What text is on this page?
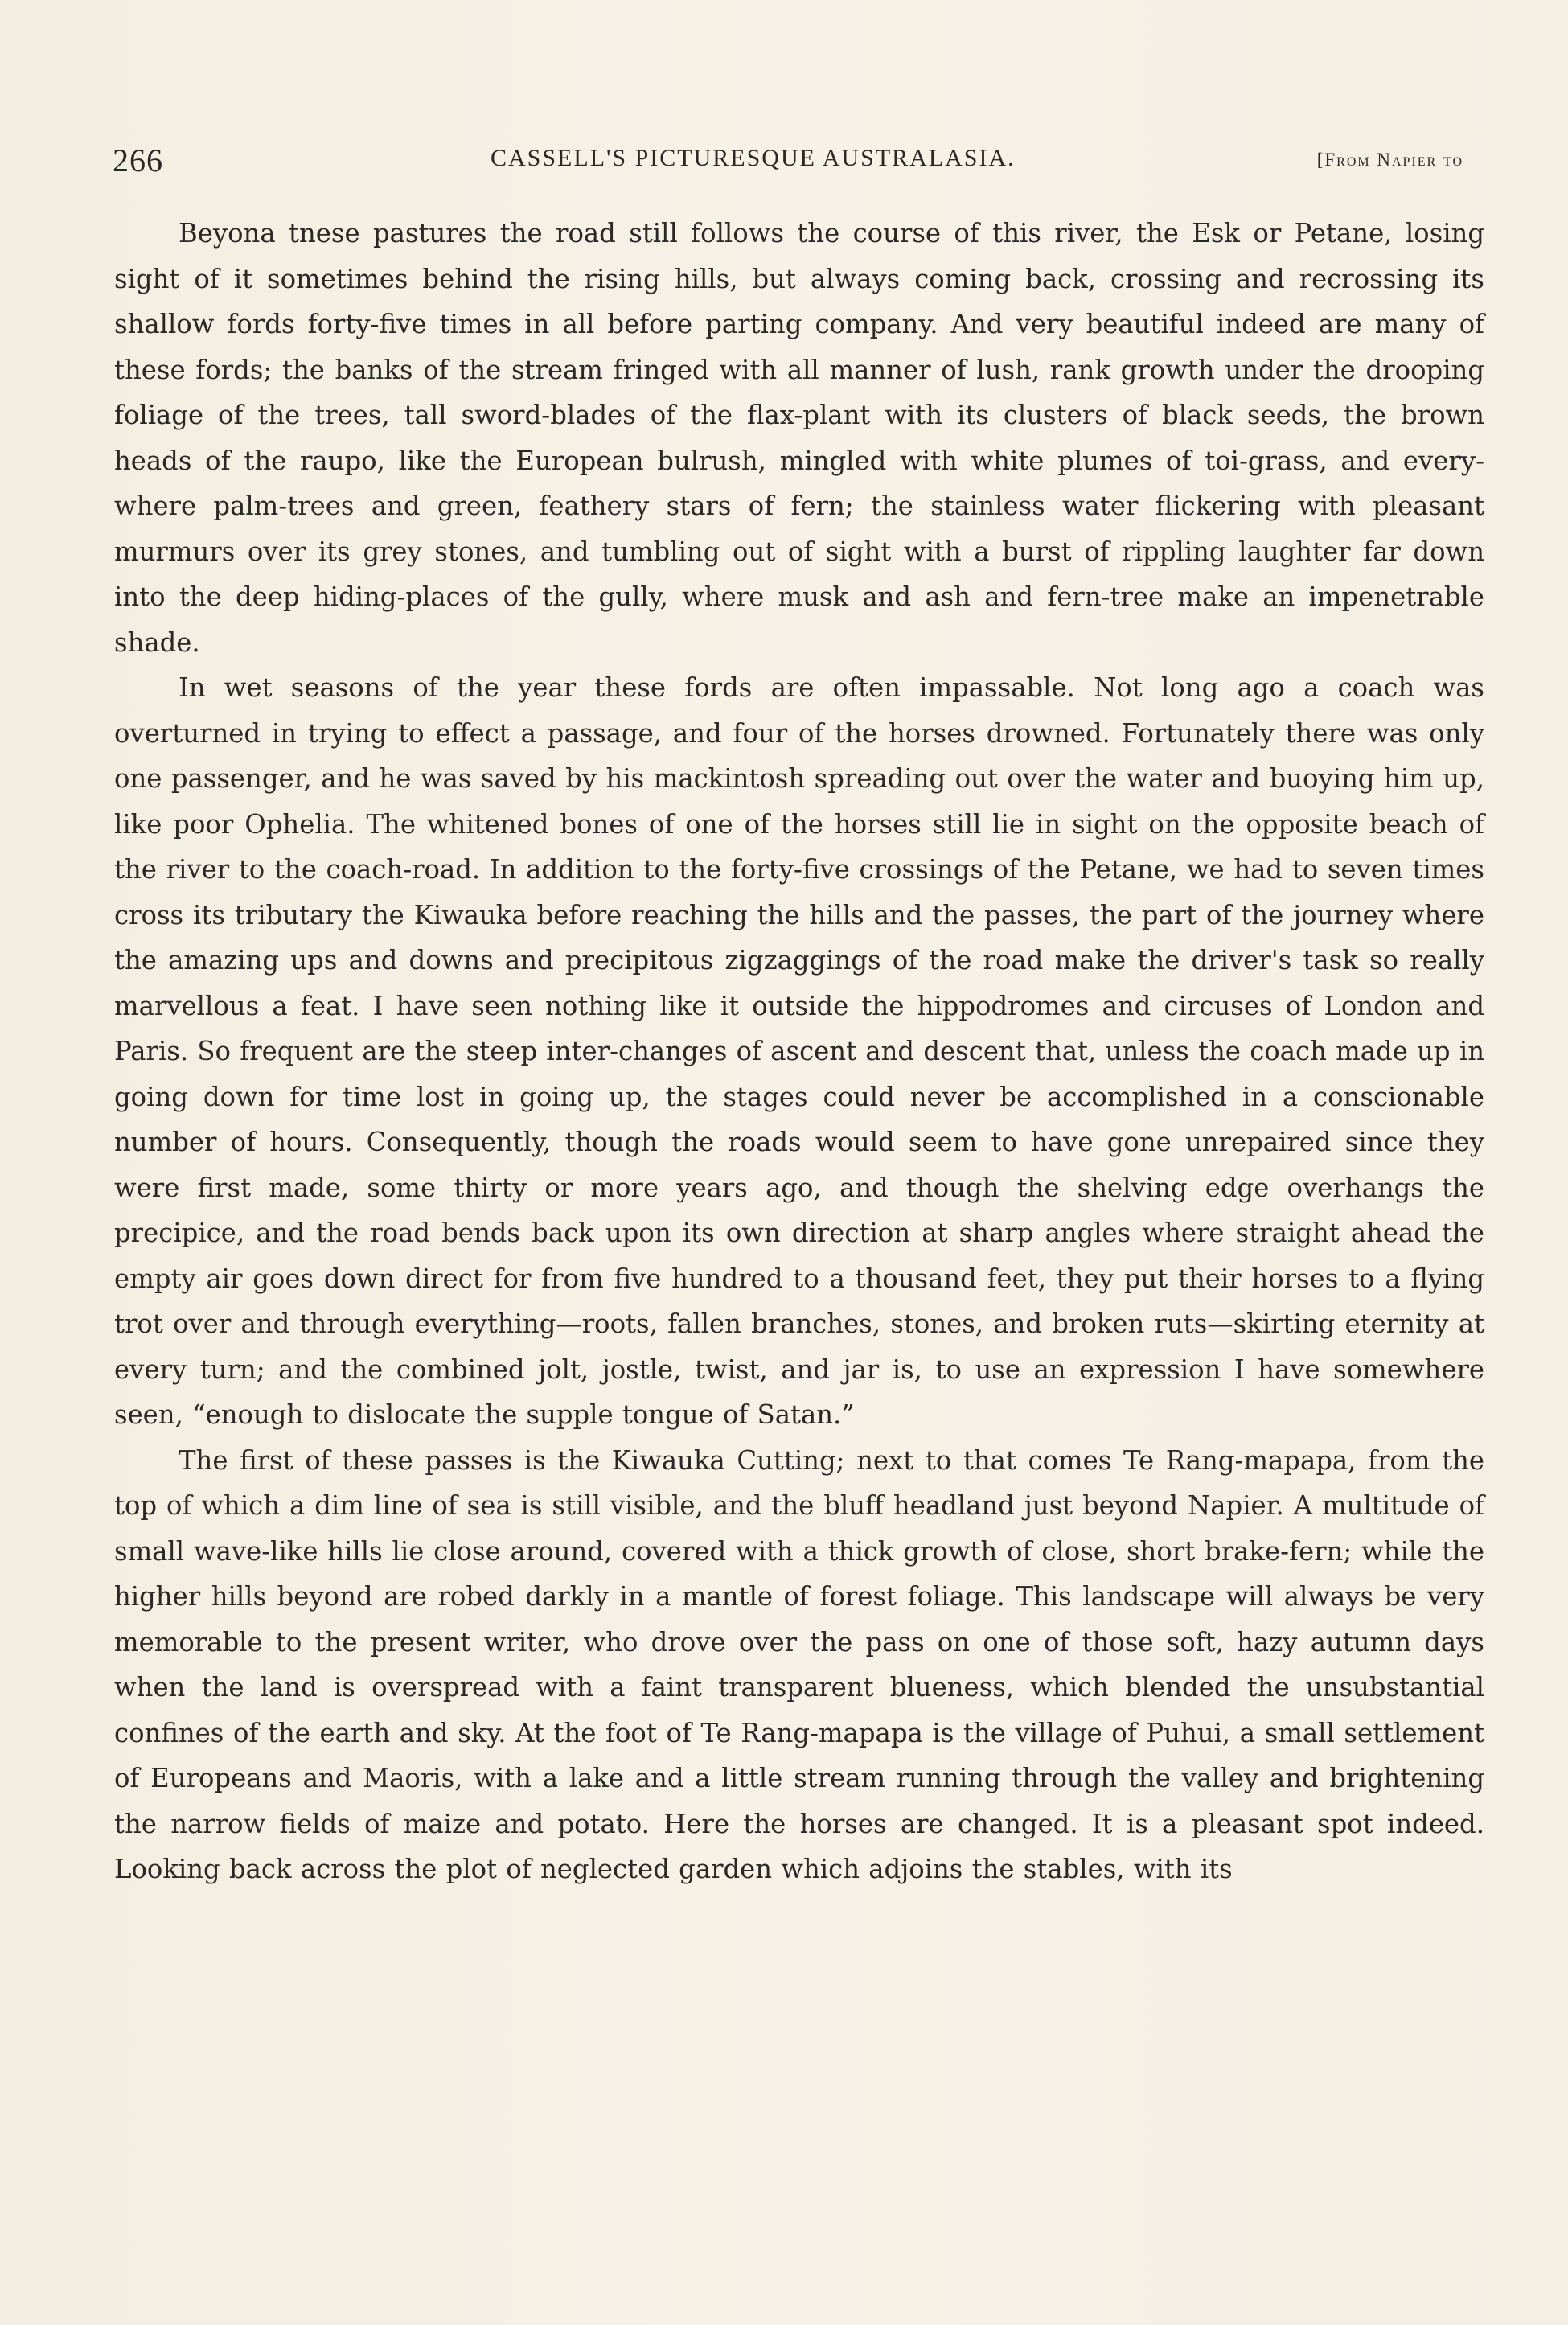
266	CASSELL'S PICTURESQUE AUSTRALASIA.	[From Napier to

Beyona tnese pastures the road still follows the course of this river, the Esk or Petane, losing sight of it sometimes behind the rising hills, but always coming back, crossing and recrossing its shallow fords forty-five times in all before parting company. And very beautiful indeed are many of these fords; the banks of the stream fringed with all manner of lush, rank growth under the drooping foliage of the trees, tall sword-blades of the flax-plant with its clusters of black seeds, the brown heads of the raupo, like the European bulrush, mingled with white plumes of toi-grass, and every-where palm-trees and green, feathery stars of fern; the stainless water flickering with pleasant murmurs over its grey stones, and tumbling out of sight with a burst of rippling laughter far down into the deep hiding-places of the gully, where musk and ash and fern-tree make an impenetrable shade.

In wet seasons of the year these fords are often impassable. Not long ago a coach was overturned in trying to effect a passage, and four of the horses drowned. Fortunately there was only one passenger, and he was saved by his mackintosh spreading out over the water and buoying him up, like poor Ophelia. The whitened bones of one of the horses still lie in sight on the opposite beach of the river to the coach-road. In addition to the forty-five crossings of the Petane, we had to seven times cross its tributary the Kiwauka before reaching the hills and the passes, the part of the journey where the amazing ups and downs and precipitous zigzaggings of the road make the driver's task so really marvellous a feat. I have seen nothing like it outside the hippodromes and circuses of London and Paris. So frequent are the steep inter-changes of ascent and descent that, unless the coach made up in going down for time lost in going up, the stages could never be accomplished in a conscionable number of hours. Consequently, though the roads would seem to have gone unrepaired since they were first made, some thirty or more years ago, and though the shelving edge overhangs the precipice, and the road bends back upon its own direction at sharp angles where straight ahead the empty air goes down direct for from five hundred to a thousand feet, they put their horses to a flying trot over and through everything—roots, fallen branches, stones, and broken ruts—skirting eternity at every turn; and the combined jolt, jostle, twist, and jar is, to use an expression I have somewhere seen, “enough to dislocate the supple tongue of Satan.”

The first of these passes is the Kiwauka Cutting; next to that comes Te Rang-mapapa, from the top of which a dim line of sea is still visible, and the bluff headland just beyond Napier. A multitude of small wave-like hills lie close around, covered with a thick growth of close, short brake-fern; while the higher hills beyond are robed darkly in a mantle of forest foliage. This landscape will always be very memorable to the present writer, who drove over the pass on one of those soft, hazy autumn days when the land is overspread with a faint transparent blueness, which blended the unsubstantial confines of the earth and sky. At the foot of Te Rang-mapapa is the village of Puhui, a small settlement of Europeans and Maoris, with a lake and a little stream running through the valley and brightening the narrow fields of maize and potato. Here the horses are changed. It is a pleasant spot indeed. Looking back across the plot of neglected garden which adjoins the stables, with its
